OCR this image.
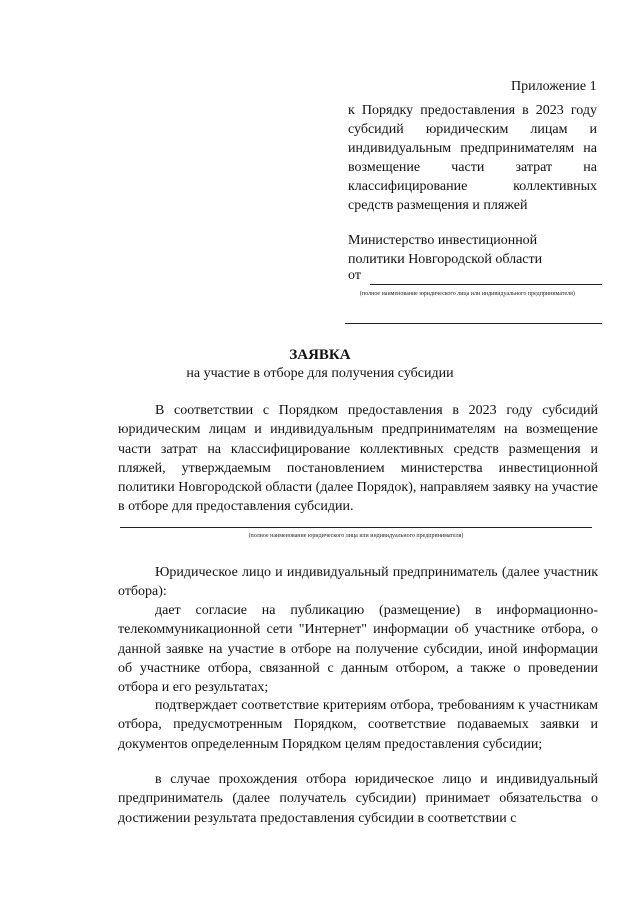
Приложение 1
к Порядку предоставления в 2023 году субсидий юридическим лицам и индивидуальным предпринимателям на возмещение части затрат на классифицирование коллективных средств размещения и пляжей
Министерство инвестиционной
политики Новгородской области
от
(полное наименование юридического лица или индивидуального предпринимателя)
ЗАЯВКА
на участие в отборе для получения субсидии
В соответствии с Порядком предоставления в 2023 году субсидий юридическим лицам и индивидуальным предпринимателям на возмещение части затрат на классифицирование коллективных средств размещения и пляжей, утверждаемым постановлением министерства инвестиционной политики Новгородской области (далее Порядок), направляем заявку на участие в отборе для предоставления субсидии.
(полное наименование юридического лица или индивидуального предпринимателя)
Юридическое лицо и индивидуальный предприниматель (далее участник отбора):
дает согласие на публикацию (размещение) в информационно-телекоммуникационной сети "Интернет" информации об участнике отбора, о данной заявке на участие в отборе на получение субсидии, иной информации об участнике отбора, связанной с данным отбором, а также о проведении отбора и его результатах;
подтверждает соответствие критериям отбора, требованиям к участникам отбора, предусмотренным Порядком, соответствие подаваемых заявки и документов определенным Порядком целям предоставления субсидии;
в случае прохождения отбора юридическое лицо и индивидуальный предприниматель (далее получатель субсидии) принимает обязательства о достижении результата предоставления субсидии в соответствии с
